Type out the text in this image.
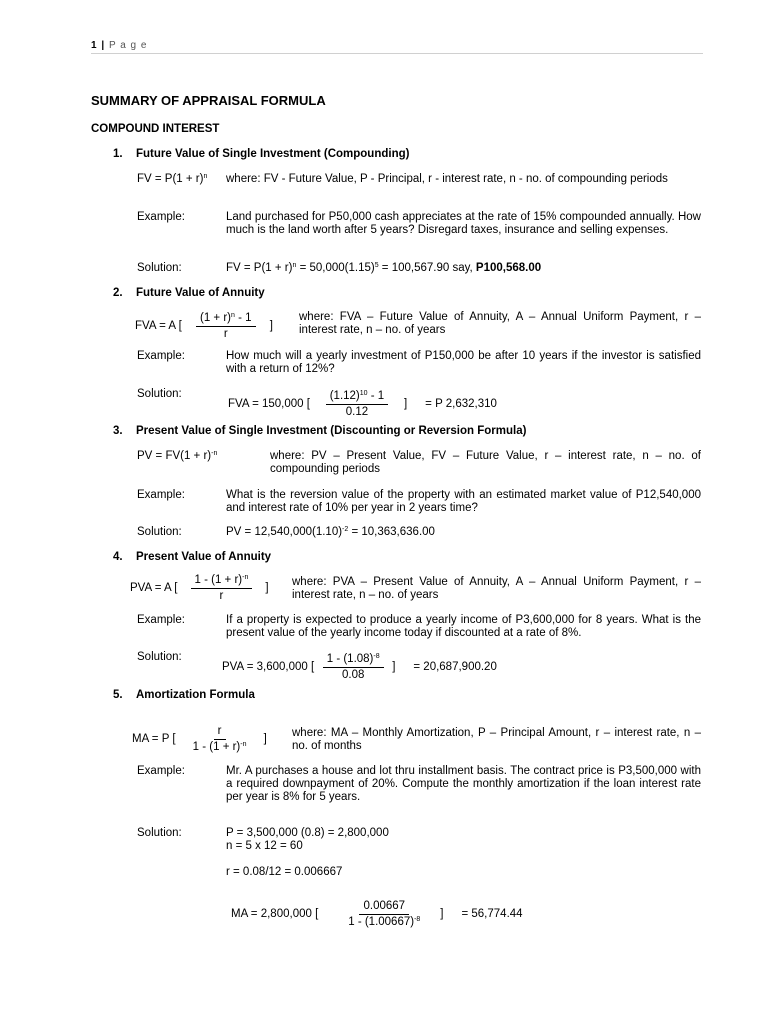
1 | P a g e
SUMMARY OF APPRAISAL FORMULA
COMPOUND INTEREST
1. Future Value of Single Investment (Compounding)
FV = $P(1 + r)^n$ where: FV - Future Value, P - Principal, r - interest rate, n - no. of compounding periods
Example:	Land purchased for P50,000 cash appreciates at the rate of 15% compounded annually. How much is the land worth after 5 years? Disregard taxes, insurance and selling expenses.
Solution:	FV = $P(1 + r)^n = 50,000(1.15)^5 = 100,567.90$ say, P100,568.00
2. Future Value of Annuity
FVA = A [ $\frac{(1 + r)^n - 1}{r}$ ]
where: FVA – Future Value of Annuity, A – Annual Uniform Payment, r – interest rate, n – no. of years
Example:	How much will a yearly investment of P150,000 be after 10 years if the investor is satisfied with a return of 12%?
Solution:
FVA = 150,000 [ $\frac{(1.12)^{10} - 1}{0.12}$ ] = P 2,632,310
3. Present Value of Single Investment (Discounting or Reversion Formula)
PV = $FV(1 + r)^{-n}$	where: PV – Present Value, FV – Future Value, r – interest rate, n – no. of compounding periods
Example:	What is the reversion value of the property with an estimated market value of P12,540,000 and interest rate of 10% per year in 2 years time?
Solution:	PV = $12,540,000(1.10)^{-2} = 10,363,636.00$
4. Present Value of Annuity
PVA = A [ $\frac{1 - (1 + r)^{-n}}{r}$ ] where: PVA – Present Value of Annuity, A – Annual Uniform Payment, r – interest rate, n – no. of years
Example:	If a property is expected to produce a yearly income of P3,600,000 for 8 years. What is the present value of the yearly income today if discounted at a rate of 8%.
Solution:
PVA = 3,600,000 [ $\frac{1 - (1.08)^{-8}}{0.08}$ ] = 20,687,900.20
5. Amortization Formula
MA = P [ $\frac{r}{1 - (1 + r)^{-n}}$ ] where: MA – Monthly Amortization, P – Principal Amount, r – interest rate, n – no. of months
Example:	Mr. A purchases a house and lot thru installment basis. The contract price is P3,500,000 with a required downpayment of 20%. Compute the monthly amortization if the loan interest rate per year is 8% for 5 years.
Solution:	P = 3,500,000 (0.8) = 2,800,000
n = 5 x 12 = 60
r = 0.08/12 = 0.006667
MA = 2,800,000 [ $\frac{0.00667}{1 - (1.00667)^{-8}}$ ] = 56,774.44
